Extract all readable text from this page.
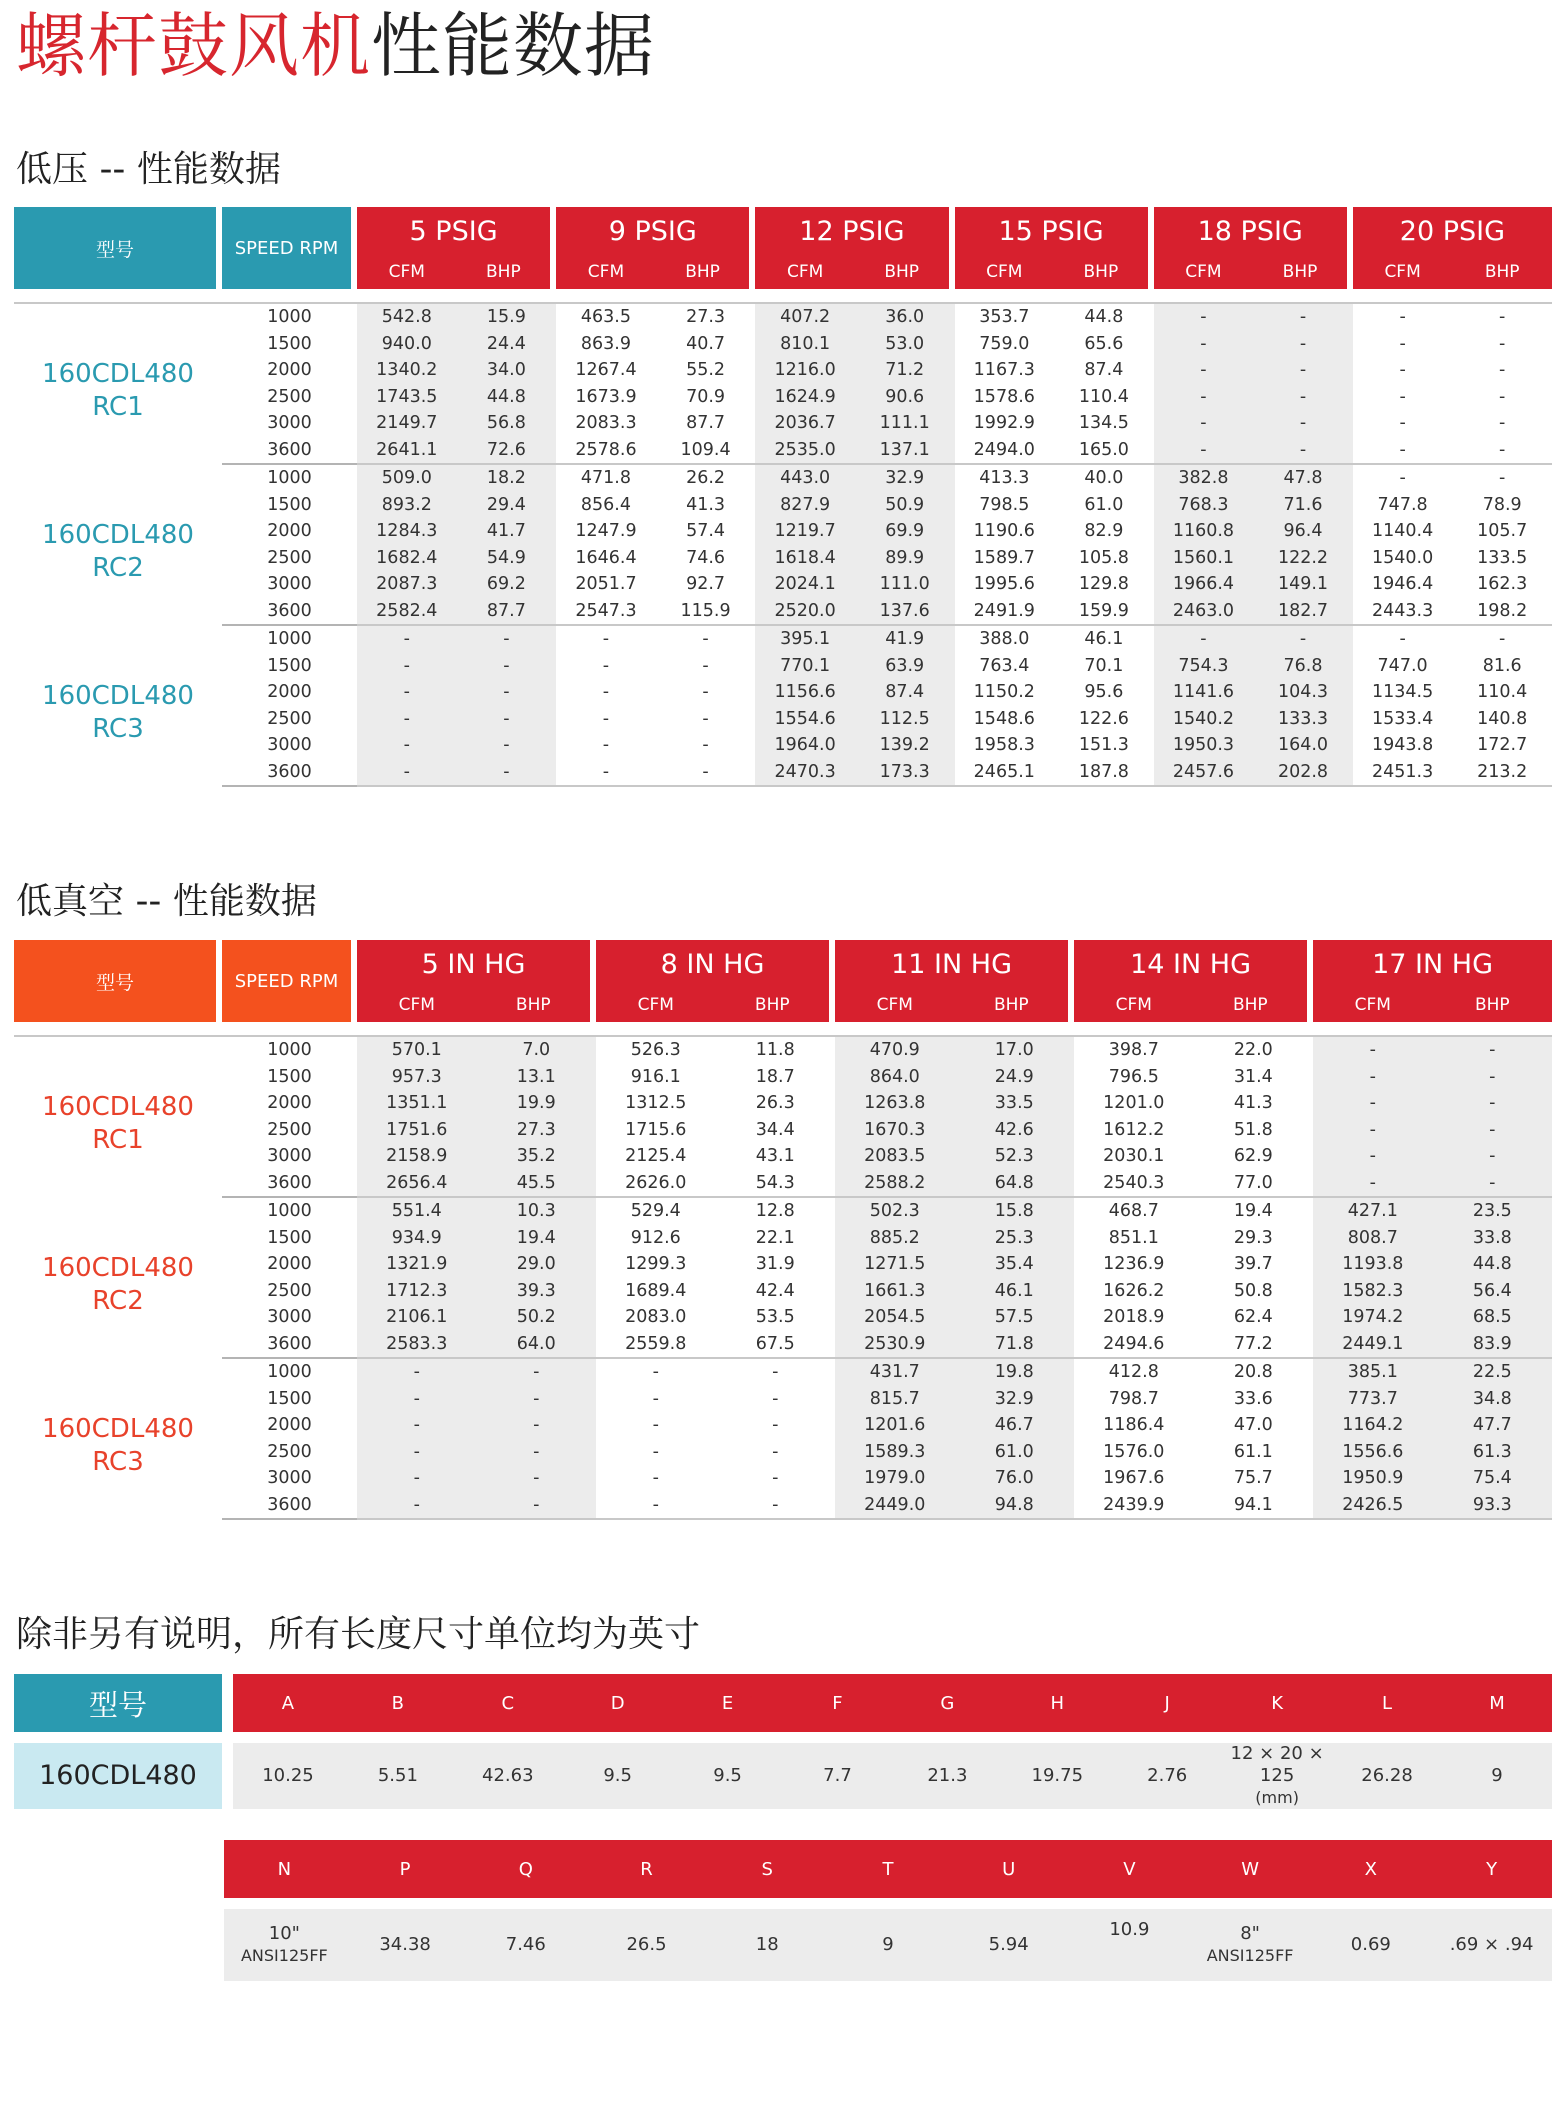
螺杆鼓风机性能数据
低压 -- 性能数据
型号	SPEED RPM	5 PSIG		9 PSIG		12 PSIG		15 PSIG		18 PSIG		20 PSIG	
		CFM	BHP	CFM	BHP	CFM	BHP	CFM	BHP	CFM	BHP	CFM	BHP

160CDL480
RC1	1000	542.8	15.9	463.5	27.3	407.2	36.0	353.7	44.8	-	-	-	-
	1500	940.0	24.4	863.9	40.7	810.1	53.0	759.0	65.6	-	-	-	-
	2000	1340.2	34.0	1267.4	55.2	1216.0	71.2	1167.3	87.4	-	-	-	-
	2500	1743.5	44.8	1673.9	70.9	1624.9	90.6	1578.6	110.4	-	-	-	-
	3000	2149.7	56.8	2083.3	87.7	2036.7	111.1	1992.9	134.5	-	-	-	-
	3600	2641.1	72.6	2578.6	109.4	2535.0	137.1	2494.0	165.0	-	-	-	-
160CDL480
RC2	1000	509.0	18.2	471.8	26.2	443.0	32.9	413.3	40.0	382.8	47.8	-	-
	1500	893.2	29.4	856.4	41.3	827.9	50.9	798.5	61.0	768.3	71.6	747.8	78.9
	2000	1284.3	41.7	1247.9	57.4	1219.7	69.9	1190.6	82.9	1160.8	96.4	1140.4	105.7
	2500	1682.4	54.9	1646.4	74.6	1618.4	89.9	1589.7	105.8	1560.1	122.2	1540.0	133.5
	3000	2087.3	69.2	2051.7	92.7	2024.1	111.0	1995.6	129.8	1966.4	149.1	1946.4	162.3
	3600	2582.4	87.7	2547.3	115.9	2520.0	137.6	2491.9	159.9	2463.0	182.7	2443.3	198.2
160CDL480
RC3	1000	-	-	-	-	395.1	41.9	388.0	46.1	-	-	-	-
	1500	-	-	-	-	770.1	63.9	763.4	70.1	754.3	76.8	747.0	81.6
	2000	-	-	-	-	1156.6	87.4	1150.2	95.6	1141.6	104.3	1134.5	110.4
	2500	-	-	-	-	1554.6	112.5	1548.6	122.6	1540.2	133.3	1533.4	140.8
	3000	-	-	-	-	1964.0	139.2	1958.3	151.3	1950.3	164.0	1943.8	172.7
	3600	-	-	-	-	2470.3	173.3	2465.1	187.8	2457.6	202.8	2451.3	213.2
低真空 -- 性能数据
型号	SPEED RPM	5 IN HG		8 IN HG		11 IN HG		14 IN HG		17 IN HG	
		CFM	BHP	CFM	BHP	CFM	BHP	CFM	BHP	CFM	BHP

160CDL480
RC1	1000	570.1	7.0	526.3	11.8	470.9	17.0	398.7	22.0	-	-
	1500	957.3	13.1	916.1	18.7	864.0	24.9	796.5	31.4	-	-
	2000	1351.1	19.9	1312.5	26.3	1263.8	33.5	1201.0	41.3	-	-
	2500	1751.6	27.3	1715.6	34.4	1670.3	42.6	1612.2	51.8	-	-
	3000	2158.9	35.2	2125.4	43.1	2083.5	52.3	2030.1	62.9	-	-
	3600	2656.4	45.5	2626.0	54.3	2588.2	64.8	2540.3	77.0	-	-
160CDL480
RC2	1000	551.4	10.3	529.4	12.8	502.3	15.8	468.7	19.4	427.1	23.5
	1500	934.9	19.4	912.6	22.1	885.2	25.3	851.1	29.3	808.7	33.8
	2000	1321.9	29.0	1299.3	31.9	1271.5	35.4	1236.9	39.7	1193.8	44.8
	2500	1712.3	39.3	1689.4	42.4	1661.3	46.1	1626.2	50.8	1582.3	56.4
	3000	2106.1	50.2	2083.0	53.5	2054.5	57.5	2018.9	62.4	1974.2	68.5
	3600	2583.3	64.0	2559.8	67.5	2530.9	71.8	2494.6	77.2	2449.1	83.9
160CDL480
RC3	1000	-	-	-	-	431.7	19.8	412.8	20.8	385.1	22.5
	1500	-	-	-	-	815.7	32.9	798.7	33.6	773.7	34.8
	2000	-	-	-	-	1201.6	46.7	1186.4	47.0	1164.2	47.7
	2500	-	-	-	-	1589.3	61.0	1576.0	61.1	1556.6	61.3
	3000	-	-	-	-	1979.0	76.0	1967.6	75.7	1950.9	75.4
	3600	-	-	-	-	2449.0	94.8	2439.9	94.1	2426.5	93.3
除非另有说明，所有长度尺寸单位均为英寸
型号		A	B	C	D	E	F	G	H	J	K	L	M
160CDL480		10.25	5.51	42.63	9.5	9.5	7.7	21.3	19.75	2.76	12 × 20 × 125
(mm)	26.28	9
N	P	Q	R	S	T	U	V	W	X	Y
10"
ANSI125FF	34.38	7.46	26.5	18	9	5.94	10.9	8"
ANSI125FF	0.69	.69 × .94
